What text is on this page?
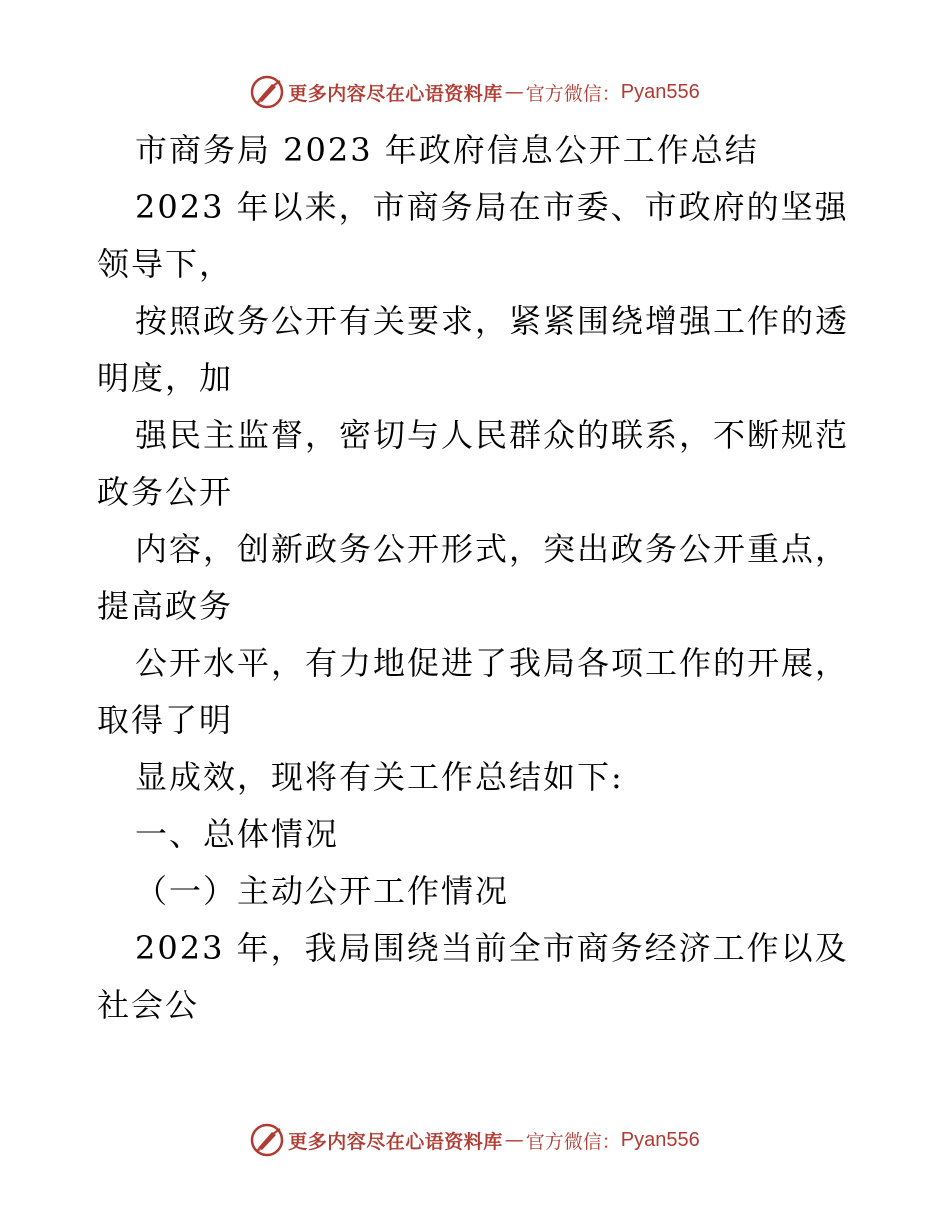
更多内容尽在心语资料库 — 官方微信： Pyan556
市商务局 2023 年政府信息公开工作总结
2023 年以来，市商务局在市委、市政府的坚强
领导下，
按照政务公开有关要求，紧紧围绕增强工作的透
明度，加
强民主监督，密切与人民群众的联系，不断规范
政务公开
内容，创新政务公开形式，突出政务公开重点，
提高政务
公开水平，有力地促进了我局各项工作的开展，
取得了明
显成效，现将有关工作总结如下:
一、总体情况
（一）主动公开工作情况
2023 年，我局围绕当前全市商务经济工作以及
社会公
更多内容尽在心语资料库 — 官方微信： Pyan556
